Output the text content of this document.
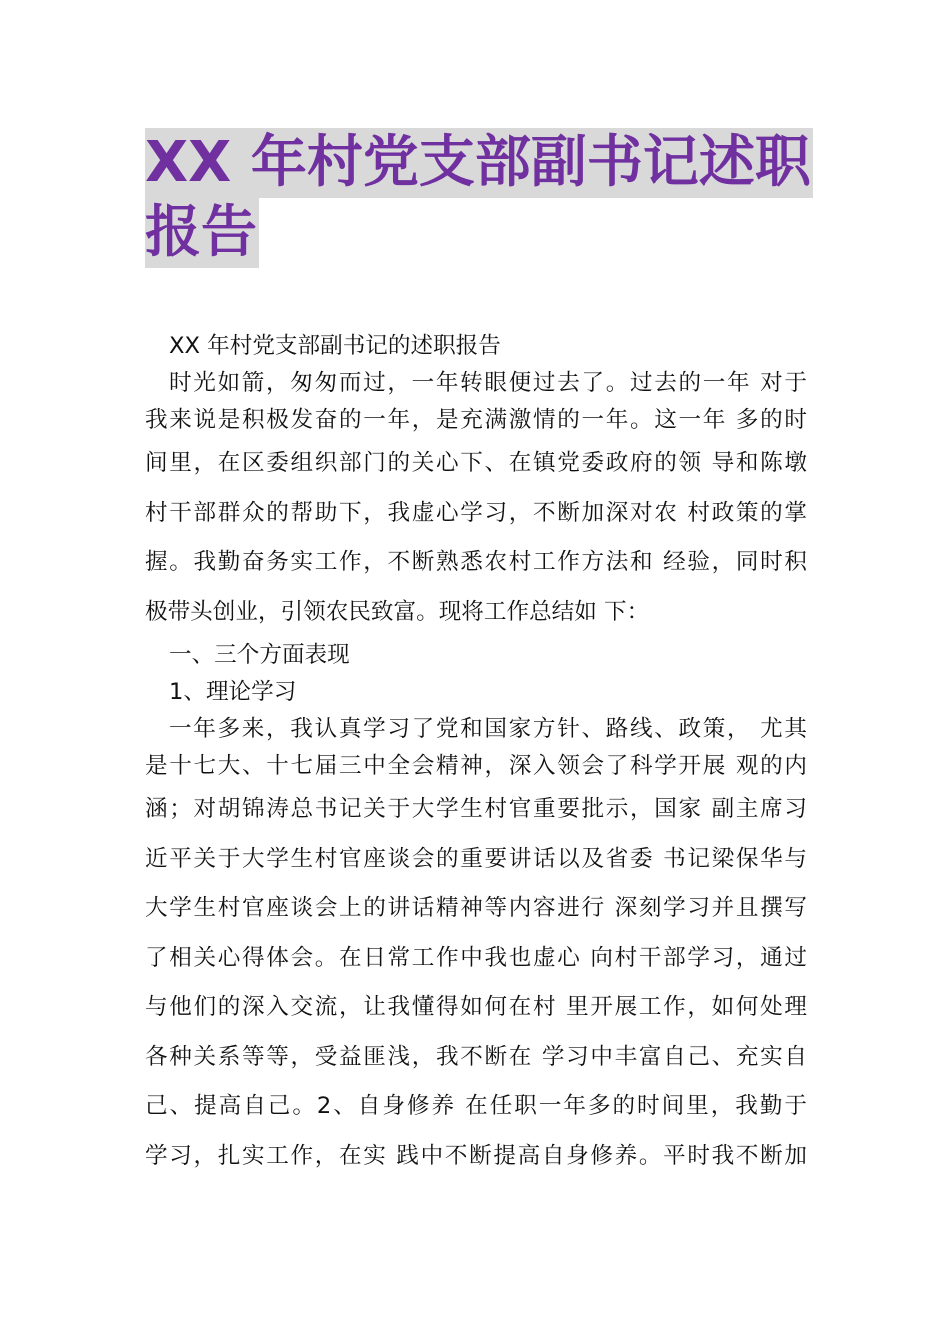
XX 年村党支部副书记述职
报告
XX 年村党支部副书记的述职报告
时光如箭，匆匆而过，一年转眼便过去了。过去的一年 对于
我来说是积极发奋的一年，是充满激情的一年。这一年 多的时
间里，在区委组织部门的关心下、在镇党委政府的领 导和陈墩
村干部群众的帮助下，我虚心学习，不断加深对农 村政策的掌
握。我勤奋务实工作，不断熟悉农村工作方法和 经验，同时积
极带头创业，引领农民致富。现将工作总结如 下：
一、三个方面表现
1、理论学习
一年多来，我认真学习了党和国家方针、路线、政策， 尤其
是十七大、十七届三中全会精神，深入领会了科学开展 观的内
涵；对胡锦涛总书记关于大学生村官重要批示，国家 副主席习
近平关于大学生村官座谈会的重要讲话以及省委 书记梁保华与
大学生村官座谈会上的讲话精神等内容进行 深刻学习并且撰写
了相关心得体会。在日常工作中我也虚心 向村干部学习，通过
与他们的深入交流，让我懂得如何在村 里开展工作，如何处理
各种关系等等，受益匪浅，我不断在 学习中丰富自己、充实自
己、提高自己。2、自身修养 在任职一年多的时间里，我勤于
学习，扎实工作，在实 践中不断提高自身修养。平时我不断加
